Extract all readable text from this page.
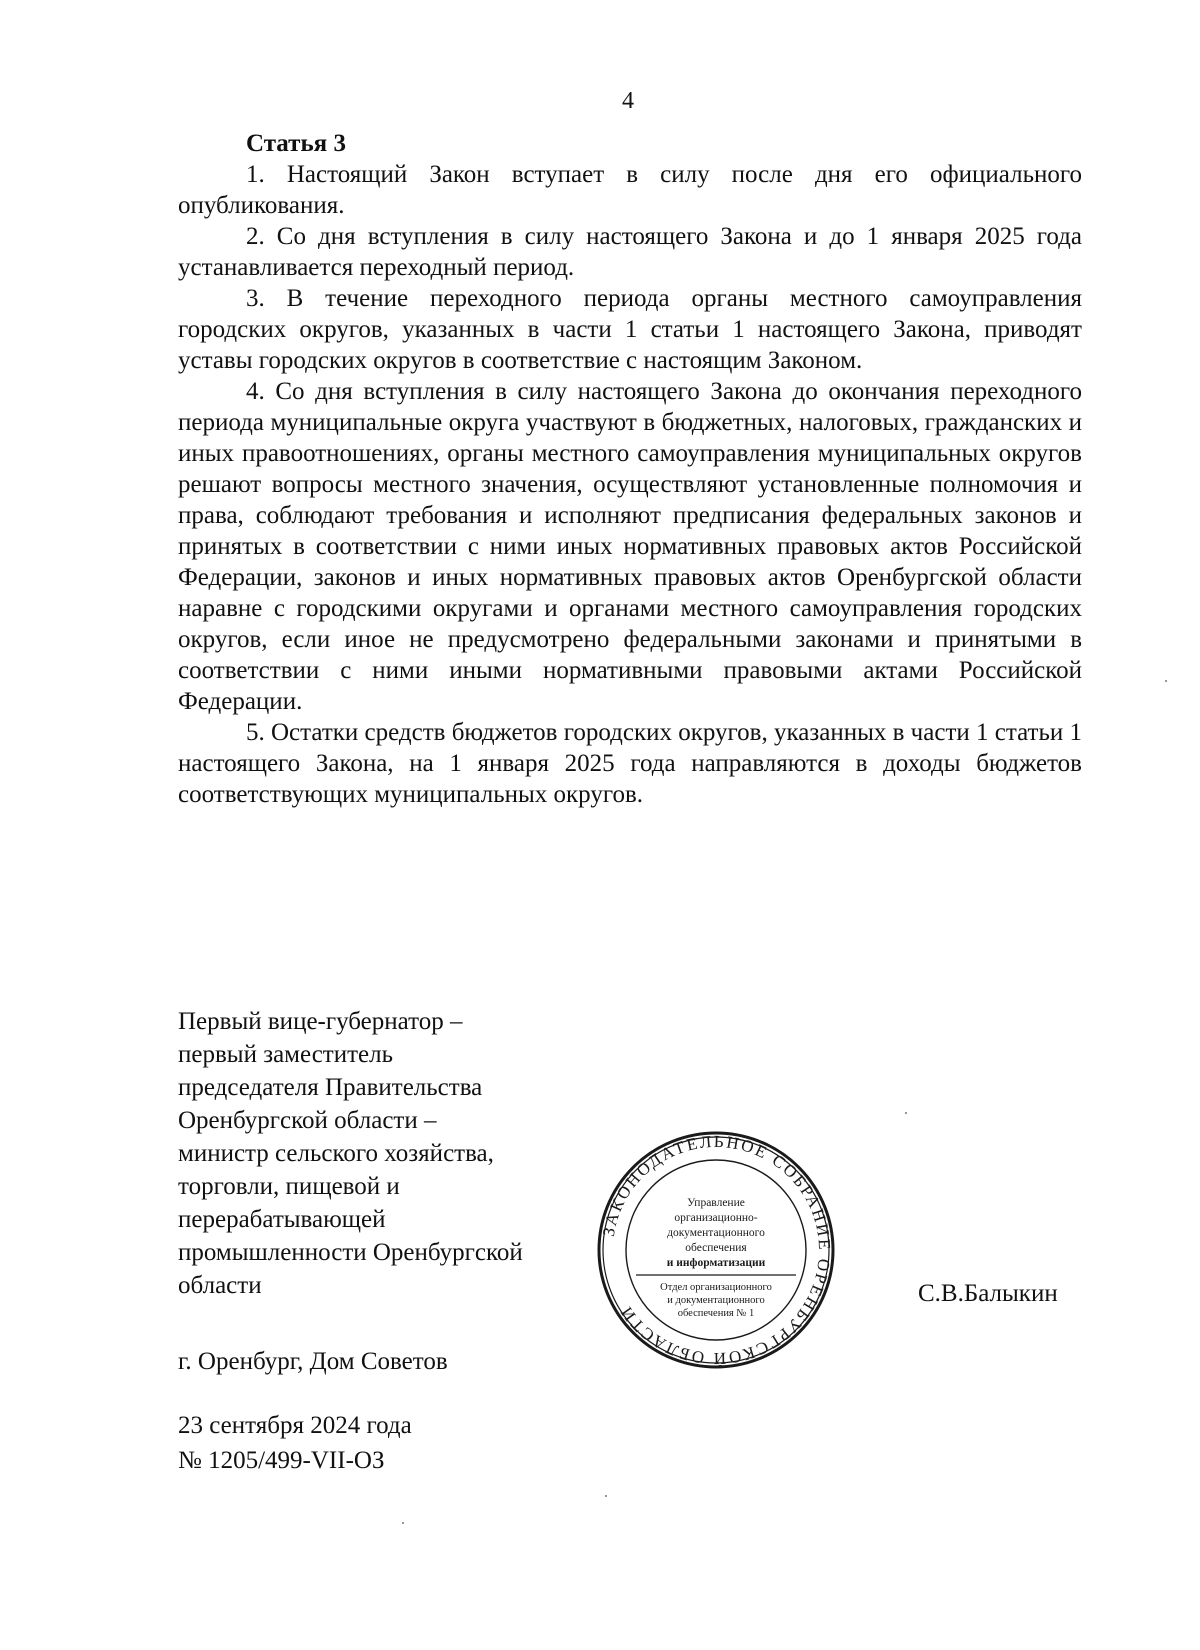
4
Статья 3

1. Настоящий Закон вступает в силу после дня его официального опубликования.

2. Со дня вступления в силу настоящего Закона и до 1 января 2025 года устанавливается переходный период.

3. В течение переходного периода органы местного самоуправления городских округов, указанных в части 1 статьи 1 настоящего Закона, приводят уставы городских округов в соответствие с настоящим Законом.

4. Со дня вступления в силу настоящего Закона до окончания переходного периода муниципальные округа участвуют в бюджетных, налоговых, гражданских и иных правоотношениях, органы местного самоуправления муниципальных округов решают вопросы местного значения, осуществляют установленные полномочия и права, соблюдают требования и исполняют предписания федеральных законов и принятых в соответствии с ними иных нормативных правовых актов Российской Федерации, законов и иных нормативных правовых актов Оренбургской области наравне с городскими округами и органами местного самоуправления городских округов, если иное не предусмотрено федеральными законами и принятыми в соответствии с ними иными нормативными правовыми актами Российской Федерации.

5. Остатки средств бюджетов городских округов, указанных в части 1 статьи 1 настоящего Закона, на 1 января 2025 года направляются в доходы бюджетов соответствующих муниципальных округов.

Первый вице-губернатор –
первый заместитель
председателя Правительства
Оренбургской области –
министр сельского хозяйства,
торговли, пищевой и
перерабатывающей
промышленности Оренбургской
области	С.В.Балыкин
ЗАКОНОДАТЕЛЬНОЕ СОБРАНИЕ ОРЕНБУРГСКОЙ ОБЛАСТИ
Управление
организационно-
документационного
обеспечения
и информатизации
Отдел организационного
и документационного
обеспечения № 1
г. Оренбург, Дом Советов
23 сентября 2024 года
№ 1205/499-VII-ОЗ
